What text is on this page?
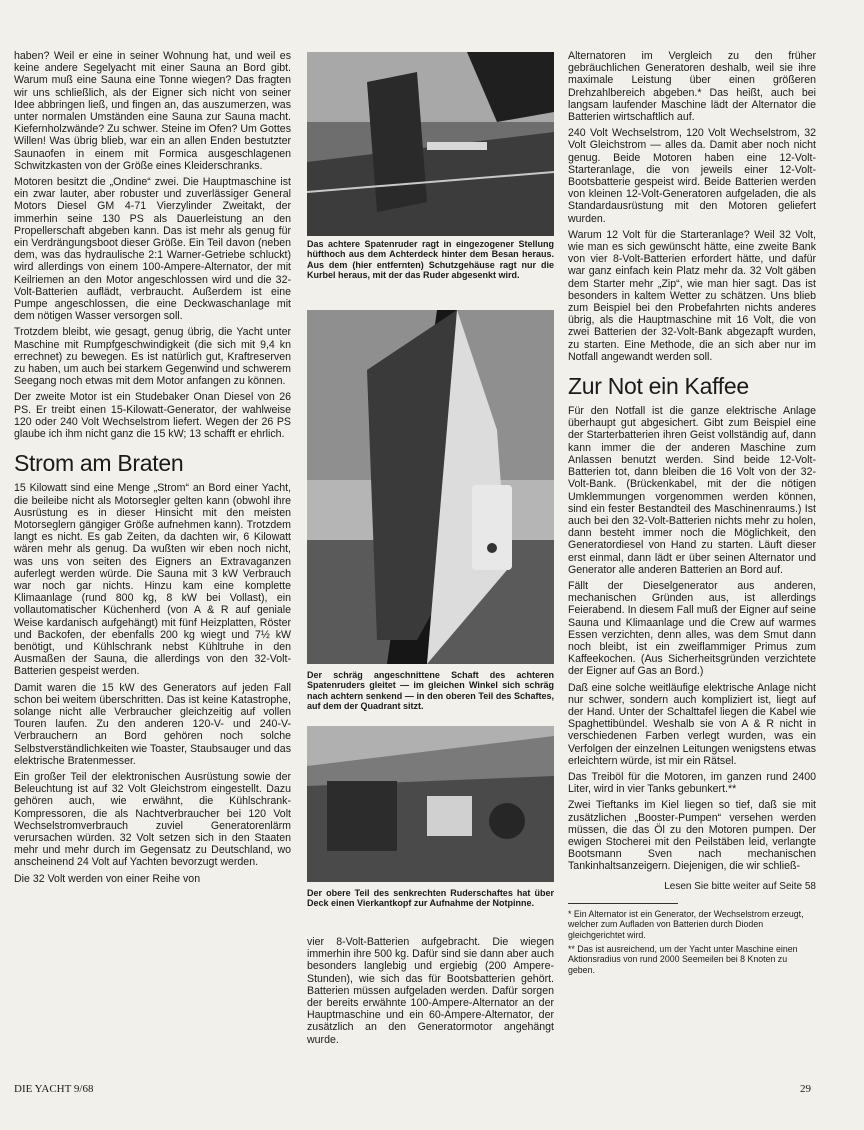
haben? Weil er eine in seiner Wohnung hat, und weil es keine andere Segelyacht mit einer Sauna an Bord gibt. Warum muß eine Sauna eine Tonne wiegen? Das fragten wir uns schließlich, als der Eigner sich nicht von seiner Idee abbringen ließ, und fingen an, das auszumerzen, was unter normalen Umständen eine Sauna zur Sauna macht. Kiefernholzwände? Zu schwer. Steine im Ofen? Um Gottes Willen! Was übrig blieb, war ein an allen Enden bestutzter Saunaofen in einem mit Formica ausgeschlagenen Schwitzkasten von der Größe eines Kleiderschranks.

Motoren besitzt die „Ondine“ zwei. Die Hauptmaschine ist ein zwar lauter, aber robuster und zuverlässiger General Motors Diesel GM 4-71 Vierzylinder Zweitakt, der immerhin seine 130 PS als Dauerleistung an den Propellerschaft abgeben kann. Das ist mehr als genug für ein Verdrängungsboot dieser Größe. Ein Teil davon (neben dem, was das hydraulische 2:1 Warner-Getriebe schluckt) wird allerdings von einem 100-Ampere-Alternator, der mit Keilriemen an den Motor angeschlossen wird und die 32-Volt-Batterien auflädt, verbraucht. Außerdem ist eine Pumpe angeschlossen, die eine Deckwaschanlage mit dem nötigen Wasser versorgen soll.

Trotzdem bleibt, wie gesagt, genug übrig, die Yacht unter Maschine mit Rumpfgeschwindigkeit (die sich mit 9,4 kn errechnet) zu bewegen. Es ist natürlich gut, Kraftreserven zu haben, um auch bei starkem Gegenwind und schwerem Seegang noch etwas mit dem Motor anfangen zu können.

Der zweite Motor ist ein Studebaker Onan Diesel von 26 PS. Er treibt einen 15-Kilowatt-Generator, der wahlweise 120 oder 240 Volt Wechselstrom liefert. Wegen der 26 PS glaube ich ihm nicht ganz die 15 kW; 13 schafft er ehrlich.

Strom am Braten

15 Kilowatt sind eine Menge „Strom“ an Bord einer Yacht, die beileibe nicht als Motorsegler gelten kann (obwohl ihre Ausrüstung es in dieser Hinsicht mit den meisten Motorseglern gängiger Größe aufnehmen kann). Trotzdem langt es nicht. Es gab Zeiten, da dachten wir, 6 Kilowatt wären mehr als genug. Da wußten wir eben noch nicht, was uns von seiten des Eigners an Extravaganzen auferlegt werden würde. Die Sauna mit 3 kW Verbrauch war noch gar nichts. Hinzu kam eine komplette Klimaanlage (rund 800 kg, 8 kW bei Vollast), ein vollautomatischer Küchenherd (von A & R auf geniale Weise kardanisch aufgehängt) mit fünf Heizplatten, Röster und Backofen, der ebenfalls 200 kg wiegt und 7½ kW benötigt, und Kühlschrank nebst Kühltruhe in den Ausmaßen der Sauna, die allerdings von den 32-Volt-Batterien gespeist werden.

Damit waren die 15 kW des Generators auf jeden Fall schon bei weitem überschritten. Das ist keine Katastrophe, solange nicht alle Verbraucher gleichzeitig auf vollen Touren laufen. Zu den anderen 120-V- und 240-V-Verbrauchern an Bord gehören noch solche Selbstverständlichkeiten wie Toaster, Staubsauger und das elektrische Bratenmesser.

Ein großer Teil der elektronischen Ausrüstung sowie der Beleuchtung ist auf 32 Volt Gleichstrom eingestellt. Dazu gehören auch, wie erwähnt, die Kühlschrank-Kompressoren, die als Nachtverbraucher bei 120 Volt Wechselstromverbrauch zuviel Generatorenlärm verursachen würden. 32 Volt setzen sich in den Staaten mehr und mehr durch im Gegensatz zu Deutschland, wo anscheinend 24 Volt auf Yachten bevorzugt werden.

Die 32 Volt werden von einer Reihe von

Das achtere Spatenruder ragt in eingezogener Stellung hüfthoch aus dem Achterdeck hinter dem Besan heraus. Aus dem (hier entfernten) Schutzgehäuse ragt nur die Kurbel heraus, mit der das Ruder abgesenkt wird.
Der schräg angeschnittene Schaft des achteren Spatenruders gleitet — im gleichen Winkel sich schräg nach achtern senkend — in den oberen Teil des Schaftes, auf dem der Quadrant sitzt.
Der obere Teil des senkrechten Ruderschaftes hat über Deck einen Vierkantkopf zur Aufnahme der Notpinne.

vier 8-Volt-Batterien aufgebracht. Die wiegen immerhin ihre 500 kg. Dafür sind sie dann aber auch besonders langlebig und ergiebig (200 Ampere-Stunden), wie sich das für Bootsbatterien gehört. Batterien müssen aufgeladen werden. Dafür sorgen der bereits erwähnte 100-Ampere-Alternator an der Hauptmaschine und ein 60-Ampere-Alternator, der zusätzlich an den Generatormotor angehängt wurde.

Alternatoren im Vergleich zu den früher gebräuchlichen Generatoren deshalb, weil sie ihre maximale Leistung über einen größeren Drehzahlbereich abgeben.* Das heißt, auch bei langsam laufender Maschine lädt der Alternator die Batterien wirtschaftlich auf.

240 Volt Wechselstrom, 120 Volt Wechselstrom, 32 Volt Gleichstrom — alles da. Damit aber noch nicht genug. Beide Motoren haben eine 12-Volt-Starteranlage, die von jeweils einer 12-Volt-Bootsbatterie gespeist wird. Beide Batterien werden von kleinen 12-Volt-Generatoren aufgeladen, die als Standardausrüstung mit den Motoren geliefert wurden.

Warum 12 Volt für die Starteranlage? Weil 32 Volt, wie man es sich gewünscht hätte, eine zweite Bank von vier 8-Volt-Batterien erfordert hätte, und dafür war ganz einfach kein Platz mehr da. 32 Volt gäben dem Starter mehr „Zip“, wie man hier sagt. Das ist besonders in kaltem Wetter zu schätzen. Uns blieb zum Beispiel bei den Probefahrten nichts anderes übrig, als die Hauptmaschine mit 16 Volt, die von zwei Batterien der 32-Volt-Bank abgezapft wurden, zu starten. Eine Methode, die an sich aber nur im Notfall angewandt werden soll.

Zur Not ein Kaffee

Für den Notfall ist die ganze elektrische Anlage überhaupt gut abgesichert. Gibt zum Beispiel eine der Starterbatterien ihren Geist vollständig auf, dann kann immer die der anderen Maschine zum Anlassen benutzt werden. Sind beide 12-Volt-Batterien tot, dann bleiben die 16 Volt von der 32-Volt-Bank. (Brückenkabel, mit der die nötigen Umklemmungen vorgenommen werden können, sind ein fester Bestandteil des Maschinenraums.) Ist auch bei den 32-Volt-Batterien nichts mehr zu holen, dann besteht immer noch die Möglichkeit, den Generatordiesel von Hand zu starten. Läuft dieser erst einmal, dann lädt er über seinen Alternator und Generator alle anderen Batterien an Bord auf.

Fällt der Dieselgenerator aus anderen, mechanischen Gründen aus, ist allerdings Feierabend. In diesem Fall muß der Eigner auf seine Sauna und Klimaanlage und die Crew auf warmes Essen verzichten, denn alles, was dem Smut dann noch bleibt, ist ein zweiflammiger Primus zum Kaffeekochen. (Aus Sicherheitsgründen verzichtete der Eigner auf Gas an Bord.)

Daß eine solche weitläufige elektrische Anlage nicht nur schwer, sondern auch kompliziert ist, liegt auf der Hand. Unter der Schalttafel liegen die Kabel wie Spaghettibündel. Weshalb sie von A & R nicht in verschiedenen Farben verlegt wurden, was ein Verfolgen der einzelnen Leitungen wenigstens etwas erleichtern würde, ist mir ein Rätsel.

Das Treiböl für die Motoren, im ganzen rund 2400 Liter, wird in vier Tanks gebunkert.**

Zwei Tieftanks im Kiel liegen so tief, daß sie mit zusätzlichen „Booster-Pumpen“ versehen werden müssen, die das Öl zu den Motoren pumpen. Der ewigen Stocherei mit den Peilstäben leid, verlangte Bootsmann Sven nach mechanischen Tankinhaltsanzeigern. Diejenigen, die wir schließ-

Lesen Sie bitte weiter auf Seite 58

* Ein Alternator ist ein Generator, der Wechselstrom erzeugt, welcher zum Aufladen von Batterien durch Dioden gleichgerichtet wird.

** Das ist ausreichend, um der Yacht unter Maschine einen Aktionsradius von rund 2000 Seemeilen bei 8 Knoten zu geben.

DIE YACHT 9/68	29
